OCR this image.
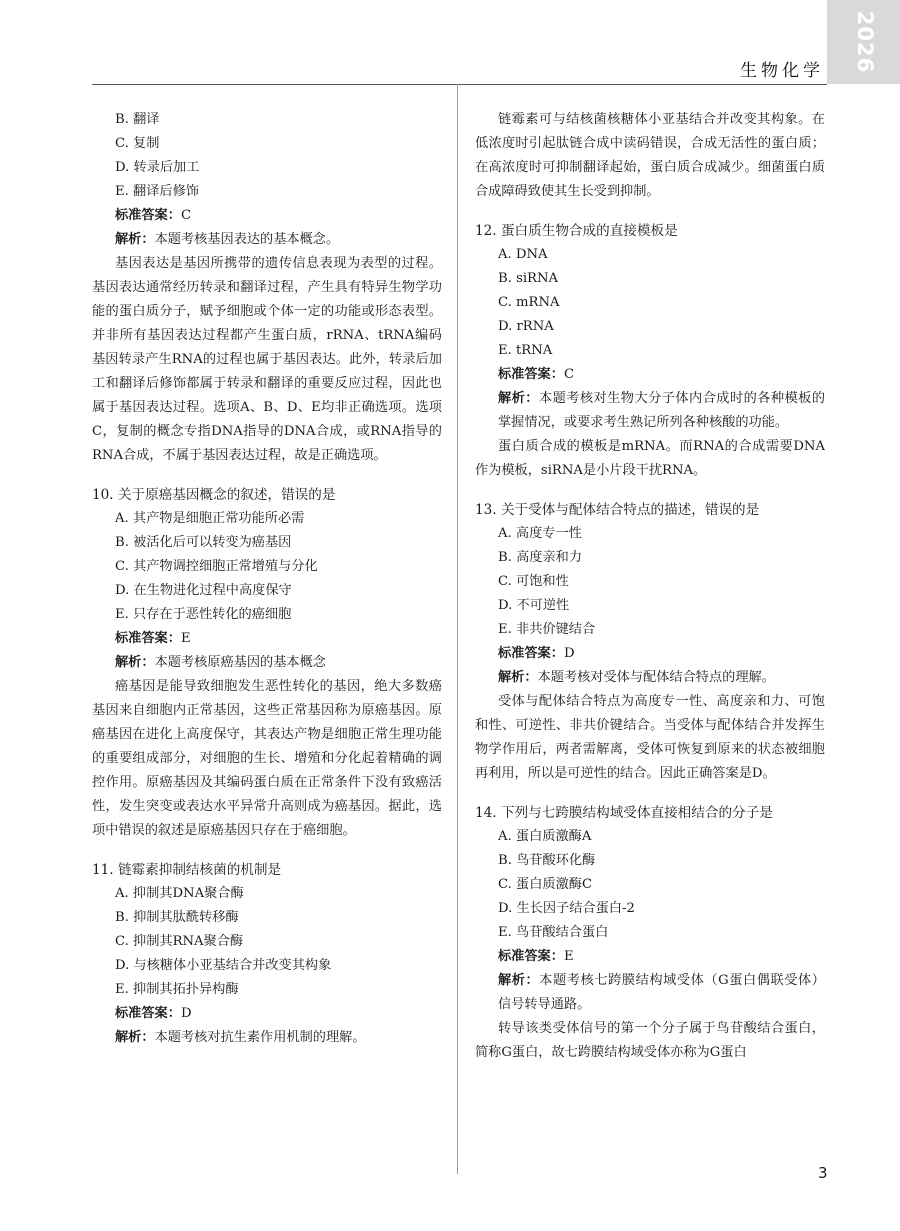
2026
生物化学
B. 翻译
C. 复制
D. 转录后加工
E. 翻译后修饰
标准答案：C
解析：本题考核基因表达的基本概念。
基因表达是基因所携带的遗传信息表现为表型的过程。基因表达通常经历转录和翻译过程，产生具有特异生物学功能的蛋白质分子，赋予细胞或个体一定的功能或形态表型。并非所有基因表达过程都产生蛋白质，rRNA、tRNA编码基因转录产生RNA的过程也属于基因表达。此外，转录后加工和翻译后修饰都属于转录和翻译的重要反应过程，因此也属于基因表达过程。选项A、B、D、E均非正确选项。选项C，复制的概念专指DNA指导的DNA合成，或RNA指导的RNA合成，不属于基因表达过程，故是正确选项。
10. 关于原癌基因概念的叙述，错误的是
A. 其产物是细胞正常功能所必需
B. 被活化后可以转变为癌基因
C. 其产物调控细胞正常增殖与分化
D. 在生物进化过程中高度保守
E. 只存在于恶性转化的癌细胞
标准答案：E
解析：本题考核原癌基因的基本概念
癌基因是能导致细胞发生恶性转化的基因，绝大多数癌基因来自细胞内正常基因，这些正常基因称为原癌基因。原癌基因在进化上高度保守，其表达产物是细胞正常生理功能的重要组成部分，对细胞的生长、增殖和分化起着精确的调控作用。原癌基因及其编码蛋白质在正常条件下没有致癌活性，发生突变或表达水平异常升高则成为癌基因。据此，选项中错误的叙述是原癌基因只存在于癌细胞。
11. 链霉素抑制结核菌的机制是
A. 抑制其DNA聚合酶
B. 抑制其肽酰转移酶
C. 抑制其RNA聚合酶
D. 与核糖体小亚基结合并改变其构象
E. 抑制其拓扑异构酶
标准答案：D
解析：本题考核对抗生素作用机制的理解。
链霉素可与结核菌核糖体小亚基结合并改变其构象。在低浓度时引起肽链合成中读码错误，合成无活性的蛋白质；在高浓度时可抑制翻译起始，蛋白质合成减少。细菌蛋白质合成障碍致使其生长受到抑制。
12. 蛋白质生物合成的直接模板是
A. DNA
B. siRNA
C. mRNA
D. rRNA
E. tRNA
标准答案：C
解析：本题考核对生物大分子体内合成时的各种模板的掌握情况，或要求考生熟记所列各种核酸的功能。
蛋白质合成的模板是mRNA。而RNA的合成需要DNA作为模板，siRNA是小片段干扰RNA。
13. 关于受体与配体结合特点的描述，错误的是
A. 高度专一性
B. 高度亲和力
C. 可饱和性
D. 不可逆性
E. 非共价键结合
标准答案：D
解析：本题考核对受体与配体结合特点的理解。
受体与配体结合特点为高度专一性、高度亲和力、可饱和性、可逆性、非共价键结合。当受体与配体结合并发挥生物学作用后，两者需解离，受体可恢复到原来的状态被细胞再利用，所以是可逆性的结合。因此正确答案是D。
14. 下列与七跨膜结构域受体直接相结合的分子是
A. 蛋白质激酶A
B. 鸟苷酸环化酶
C. 蛋白质激酶C
D. 生长因子结合蛋白-2
E. 鸟苷酸结合蛋白
标准答案：E
解析：本题考核七跨膜结构域受体（G蛋白偶联受体）信号转导通路。
转导该类受体信号的第一个分子属于鸟苷酸结合蛋白，简称G蛋白，故七跨膜结构域受体亦称为G蛋白
3
